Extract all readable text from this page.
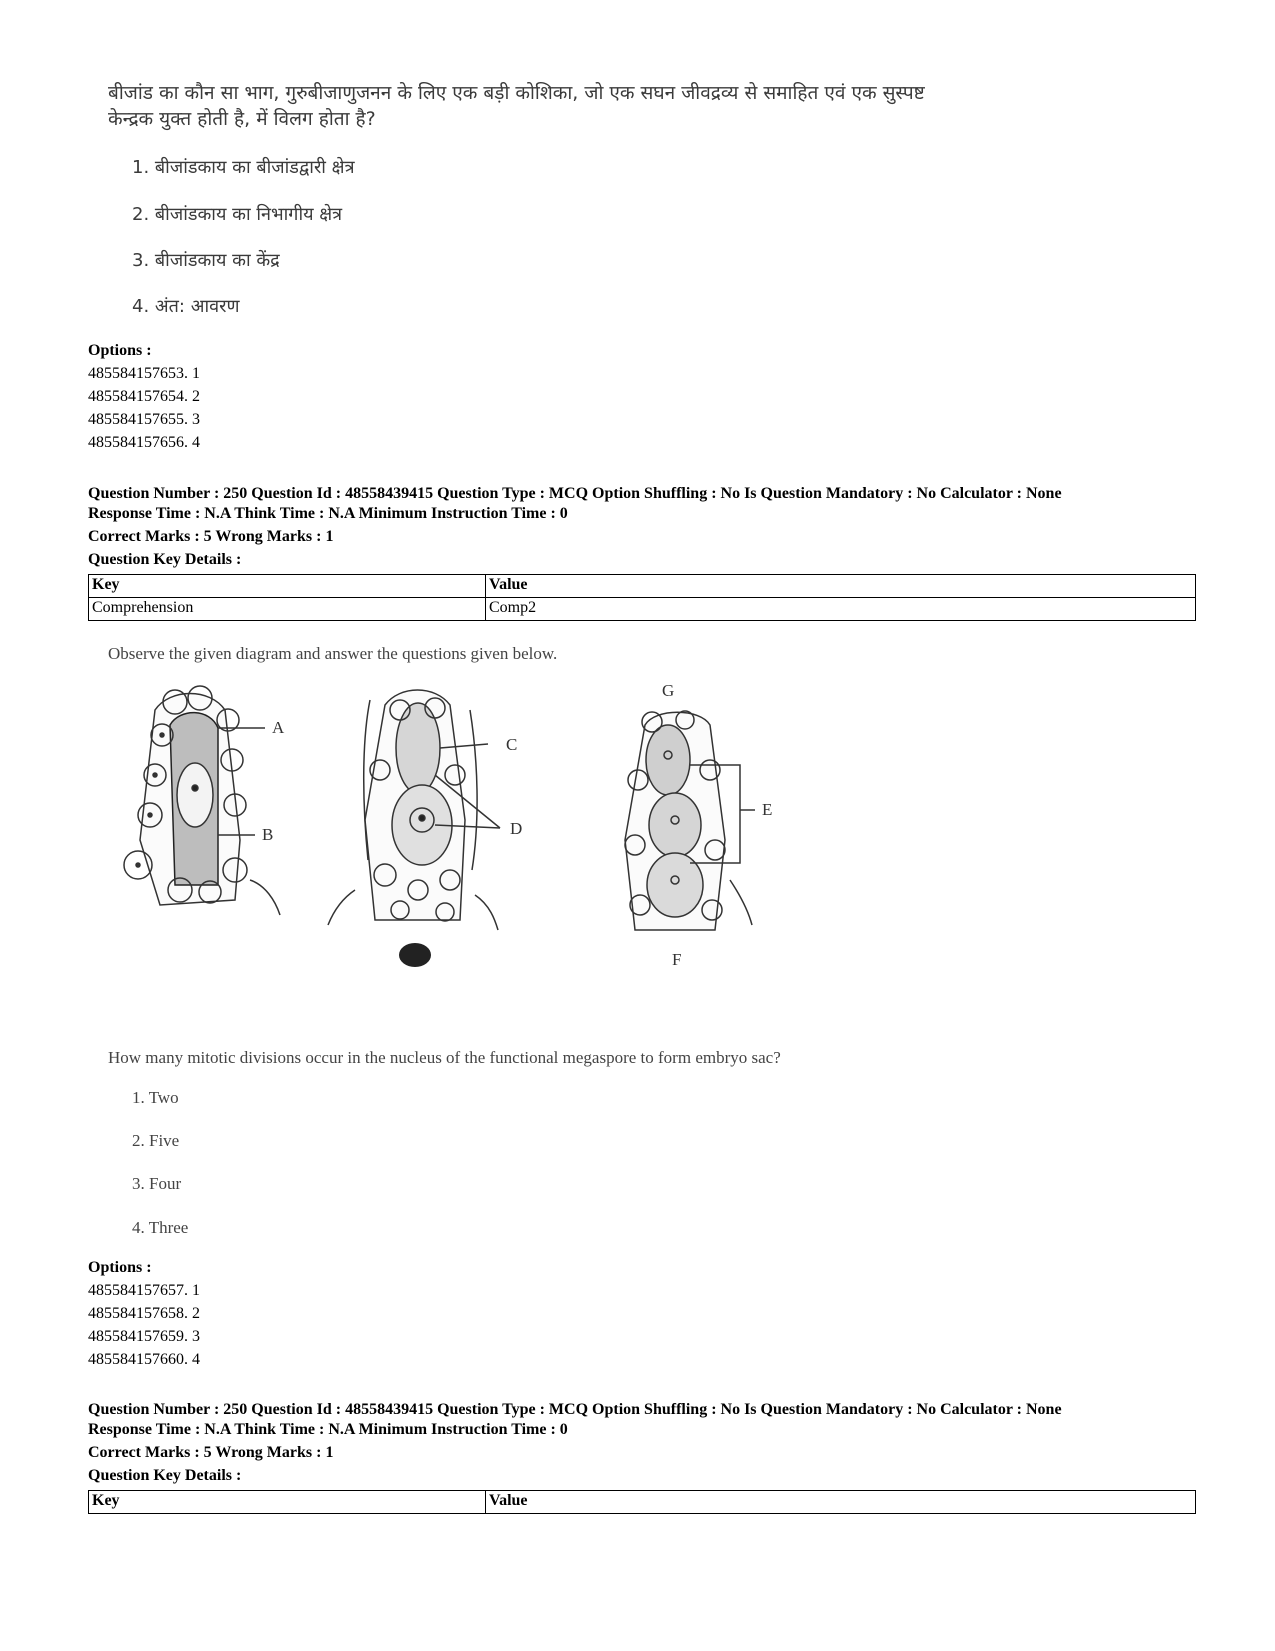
बीजांड का कौन सा भाग, गुरुबीजाणुजनन के लिए एक बड़ी कोशिका, जो एक सघन जीवद्रव्य से समाहित एवं एक सुस्पष्ट
केन्द्रक युक्त होती है, में विलग होता है?
1. बीजांडकाय का बीजांडद्वारी क्षेत्र
2. बीजांडकाय का निभागीय क्षेत्र
3. बीजांडकाय का केंद्र
4. अंत: आवरण
Options :
485584157653. 1
485584157654. 2
485584157655. 3
485584157656. 4
Question Number : 250 Question Id : 48558439415 Question Type : MCQ Option Shuffling : No Is Question Mandatory : No Calculator : None
Response Time : N.A Think Time : N.A Minimum Instruction Time : 0
Correct Marks : 5 Wrong Marks : 1
Question Key Details :
Key	Value
Comprehension	Comp2
Observe the given diagram and answer the questions given below.
A
B
C
D
G
E
F
How many mitotic divisions occur in the nucleus of the functional megaspore to form embryo sac?
1. Two
2. Five
3. Four
4. Three
Options :
485584157657. 1
485584157658. 2
485584157659. 3
485584157660. 4
Question Number : 250 Question Id : 48558439415 Question Type : MCQ Option Shuffling : No Is Question Mandatory : No Calculator : None
Response Time : N.A Think Time : N.A Minimum Instruction Time : 0
Correct Marks : 5 Wrong Marks : 1
Question Key Details :
Key	Value
